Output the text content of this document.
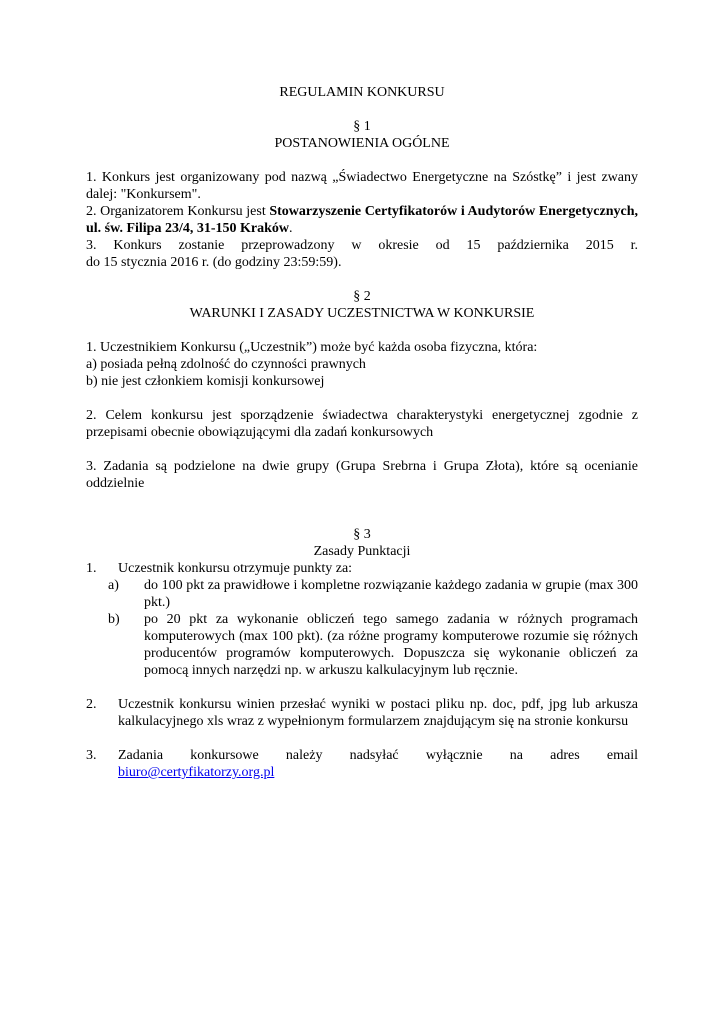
REGULAMIN KONKURSU

§ 1

POSTANOWIENIA OGÓLNE

1. Konkurs jest organizowany pod nazwą „Świadectwo Energetyczne na Szóstkę” i jest zwany dalej: "Konkursem".

2. Organizatorem Konkursu jest Stowarzyszenie Certyfikatorów i Audytorów Energetycznych, ul. św. Filipa 23/4, 31-150 Kraków.

3. Konkurs zostanie przeprowadzony w okresie od 15 października 2015 r.

do 15 stycznia 2016 r. (do godziny 23:59:59).

§ 2

WARUNKI I ZASADY UCZESTNICTWA W KONKURSIE

1. Uczestnikiem Konkursu („Uczestnik”) może być każda osoba fizyczna, która:

a) posiada pełną zdolność do czynności prawnych

b) nie jest członkiem komisji konkursowej

2. Celem konkursu jest sporządzenie świadectwa charakterystyki energetycznej zgodnie z przepisami obecnie obowiązującymi dla zadań konkursowych

3. Zadania są podzielone na dwie grupy (Grupa Srebrna i Grupa Złota), które są ocenianie oddzielnie

§ 3

Zasady Punktacji

1. Uczestnik konkursu otrzymuje punkty za:

a) do 100 pkt za prawidłowe i kompletne rozwiązanie każdego zadania w grupie (max 300 pkt.)

b) po 20 pkt za wykonanie obliczeń tego samego zadania w różnych programach komputerowych (max 100 pkt). (za różne programy komputerowe rozumie się różnych producentów programów komputerowych. Dopuszcza się wykonanie obliczeń za pomocą innych narzędzi np. w arkuszu kalkulacyjnym lub ręcznie.

2. Uczestnik konkursu winien przesłać wyniki w postaci pliku np. doc, pdf, jpg lub arkusza kalkulacyjnego xls wraz z wypełnionym formularzem znajdującym się na stronie konkursu

3. Zadania konkursowe należy nadsyłać wyłącznie na adres email

biuro@certyfikatorzy.org.pl
